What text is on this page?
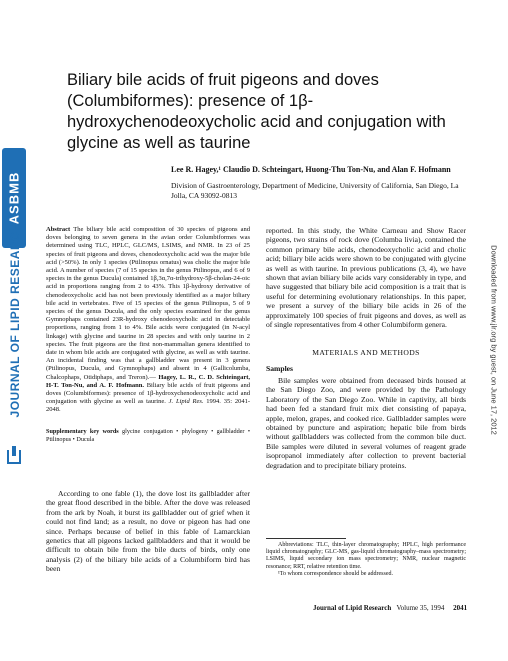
ASBMB
JOURNAL OF LIPID RESEARCH	Downloaded from www.jlr.org by guest, on June 17, 2012
Biliary bile acids of fruit pigeons and doves (Columbiformes): presence of 1β-hydroxychenodeoxycholic acid and conjugation with glycine as well as taurine
Lee R. Hagey,¹ Claudio D. Schteingart, Huong-Thu Ton-Nu, and Alan F. Hofmann
Division of Gastroenterology, Department of Medicine, University of California, San Diego, La Jolla, CA 93092-0813
Abstract The biliary bile acid composition of 30 species of pigeons and doves belonging to seven genera in the avian order Columbiformes was determined using TLC, HPLC, GLC/MS, LSIMS, and NMR. In 23 of 25 species of fruit pigeons and doves, chenodeoxycholic acid was the major bile acid (>50%). In only 1 species (Ptilinopus ornatus) was cholic the major bile acid. A number of species (7 of 15 species in the genus Ptilinopus, and 6 of 9 species in the genus Ducula) contained 1β,3α,7α-trihydroxy-5β-cholan-24-oic acid in proportions ranging from 2 to 43%. This 1β-hydroxy derivative of chenodeoxycholic acid has not been previously identified as a major biliary bile acid in vertebrates. Five of 15 species of the genus Ptilinopus, 5 of 9 species of the genus Ducula, and the only species examined for the genus Gymnophaps contained 23R-hydroxy chenodeoxycholic acid in detectable proportions, ranging from 1 to 4%. Bile acids were conjugated (in N-acyl linkage) with glycine and taurine in 28 species and with only taurine in 2 species. The fruit pigeons are the first non-mammalian genera identified to date in whom bile acids are conjugated with glycine, as well as with taurine. An incidental finding was that a gallbladder was present in 3 genera (Ptilinopus, Ducula, and Gymnophaps) and absent in 4 (Gallicolumba, Chalcophaps, Otidiphaps, and Treron).— Hagey, L. R., C. D. Schteingart, H-T. Ton-Nu, and A. F. Hofmann. Biliary bile acids of fruit pigeons and doves (Columbiformes): presence of 1β-hydroxychenodeoxycholic acid and conjugation with glycine as well as taurine. J. Lipid Res. 1994. 35: 2041-2048.
Supplementary key words glycine conjugation • phylogeny • gallbladder • Ptilinopus • Ducula

According to one fable (1), the dove lost its gallbladder after the great flood described in the bible. After the dove was released from the ark by Noah, it burst its gallbladder out of grief when it could not find land; as a result, no dove or pigeon has had one since. Perhaps because of belief in this fable of Lamarckian genetics that all pigeons lacked gallbladders and that it would be difficult to obtain bile from the bile ducts of birds, only one analysis (2) of the biliary bile acids of a Columbiform bird has been

reported. In this study, the White Carneau and Show Racer pigeons, two strains of rock dove (Columba livia), contained the common primary bile acids, chenodeoxycholic acid and cholic acid; biliary bile acids were shown to be conjugated with glycine as well as with taurine. In previous publications (3, 4), we have shown that avian biliary bile acids vary considerably in type, and have suggested that biliary bile acid composition is a trait that is useful for determining evolutionary relationships. In this paper, we present a survey of the biliary bile acids in 26 of the approximately 100 species of fruit pigeons and doves, as well as of single representatives from 4 other Columbiform genera.

MATERIALS AND METHODS
Samples

Bile samples were obtained from deceased birds housed at the San Diego Zoo, and were provided by the Pathology Laboratory of the San Diego Zoo. While in captivity, all birds had been fed a standard fruit mix diet consisting of papaya, apple, melon, grapes, and cooked rice. Gallbladder samples were obtained by puncture and aspiration; hepatic bile from birds without gallbladders was collected from the common bile duct. Bile samples were diluted in several volumes of reagent grade isopropanol immediately after collection to prevent bacterial degradation and to precipitate biliary proteins.

Abbreviations: TLC, thin-layer chromatography; HPLC, high performance liquid chromatography; GLC-MS, gas-liquid chromatography–mass spectrometry; LSIMS, liquid secondary ion mass spectrometry; NMR, nuclear magnetic resonance; RRT, relative retention time.

¹To whom correspondence should be addressed.

Journal of Lipid Research Volume 35, 1994 2041
